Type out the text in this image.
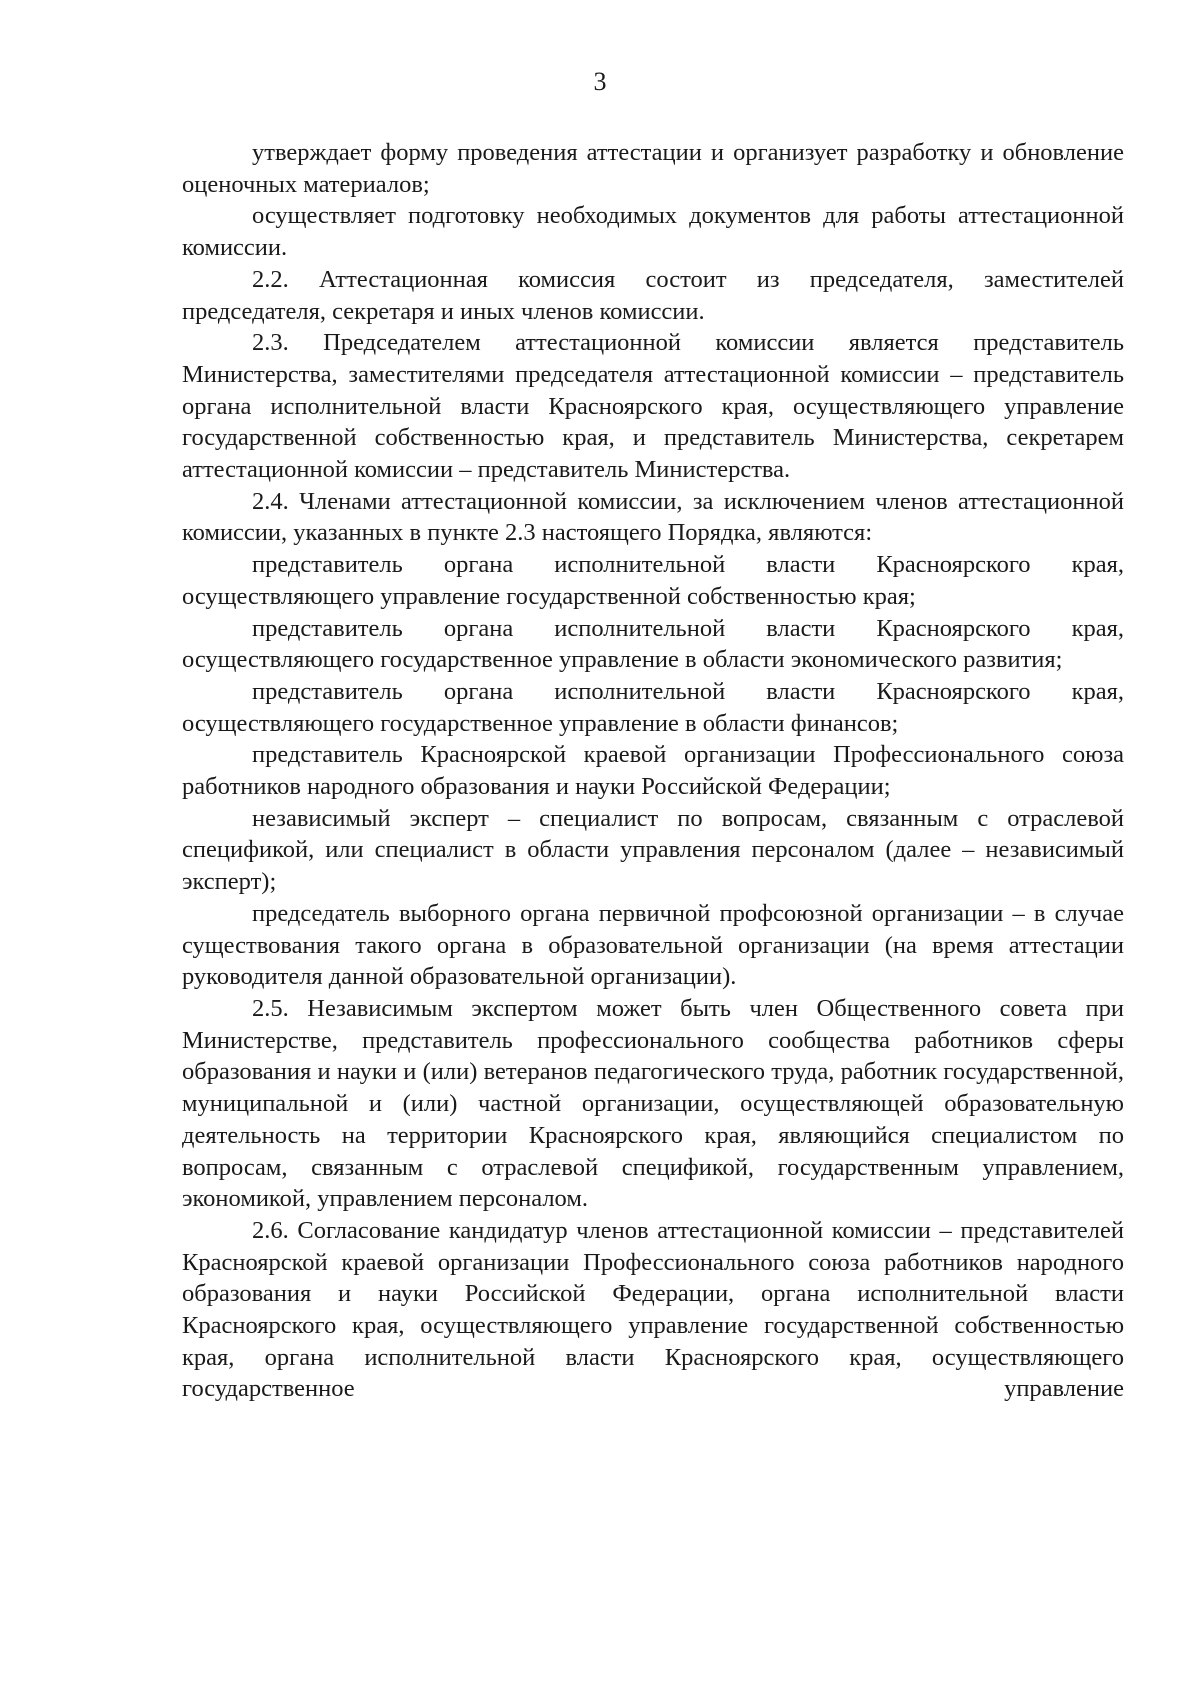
3

утверждает форму проведения аттестации и организует разработку и обновление оценочных материалов;

осуществляет подготовку необходимых документов для работы аттестационной комиссии.

2.2. Аттестационная комиссия состоит из председателя, заместителей председателя, секретаря и иных членов комиссии.

2.3. Председателем аттестационной комиссии является представитель Министерства, заместителями председателя аттестационной комиссии – представитель органа исполнительной власти Красноярского края, осуществляющего управление государственной собственностью края, и представитель Министерства, секретарем аттестационной комиссии – представитель Министерства.

2.4. Членами аттестационной комиссии, за исключением членов аттестационной комиссии, указанных в пункте 2.3 настоящего Порядка, являются:

представитель органа исполнительной власти Красноярского края, осуществляющего управление государственной собственностью края;

представитель органа исполнительной власти Красноярского края, осуществляющего государственное управление в области экономического развития;

представитель органа исполнительной власти Красноярского края, осуществляющего государственное управление в области финансов;

представитель Красноярской краевой организации Профессионального союза работников народного образования и науки Российской Федерации;

независимый эксперт – специалист по вопросам, связанным с отраслевой спецификой, или специалист в области управления персоналом (далее – независимый эксперт);

председатель выборного органа первичной профсоюзной организации – в случае существования такого органа в образовательной организации (на время аттестации руководителя данной образовательной организации).

2.5. Независимым экспертом может быть член Общественного совета при Министерстве, представитель профессионального сообщества работников сферы образования и науки и (или) ветеранов педагогического труда, работник государственной, муниципальной и (или) частной организации, осуществляющей образовательную деятельность на территории Красноярского края, являющийся специалистом по вопросам, связанным с отраслевой спецификой, государственным управлением, экономикой, управлением персоналом.

2.6. Согласование кандидатур членов аттестационной комиссии – представителей Красноярской краевой организации Профессионального союза работников народного образования и науки Российской Федерации, органа исполнительной власти Красноярского края, осуществляющего управление государственной собственностью края, органа исполнительной власти Красноярского края, осуществляющего государственное управление
